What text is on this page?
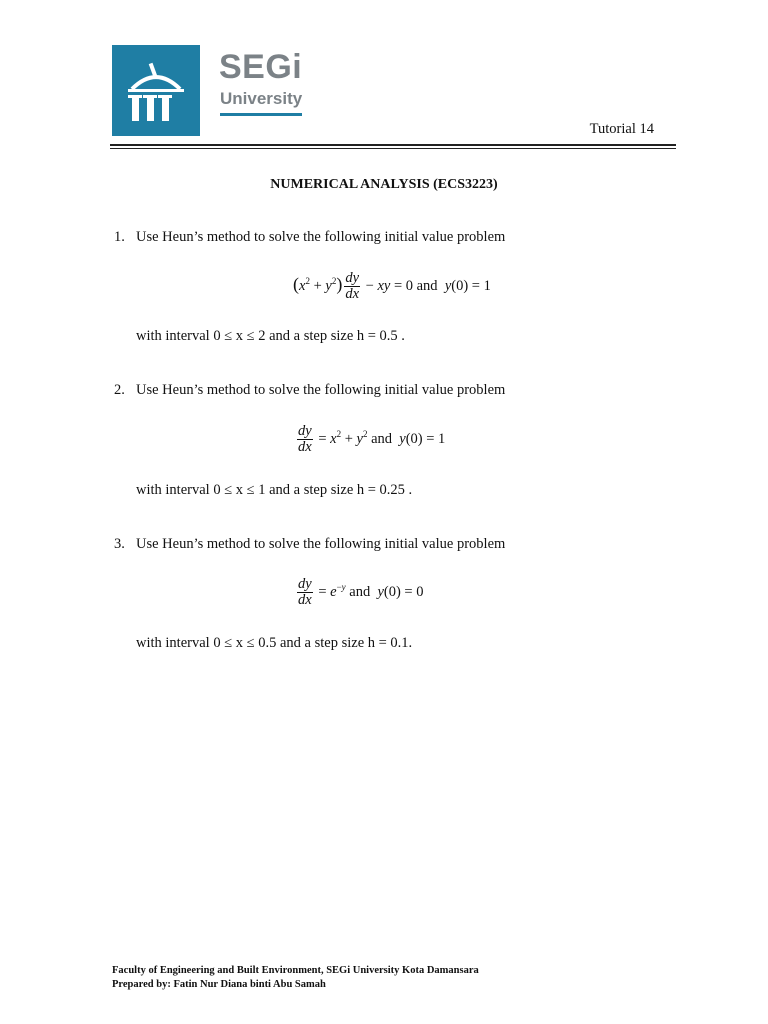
SEGi
University
Tutorial 14
NUMERICAL ANALYSIS (ECS3223)
1. Use Heun’s method to solve the following initial value problem
$(x^2 + y^2) \frac{dy}{dx}$ − xy = 0 and  y(0) = 1
with interval 0 ≤ x ≤ 2 and a step size h = 0.5 .
2. Use Heun’s method to solve the following initial value problem
$\frac{dy}{dx} = x^2 + y^2$ and  y(0) = 1
with interval 0 ≤ x ≤ 1 and a step size h = 0.25 .
3. Use Heun’s method to solve the following initial value problem
$\frac{dy}{dx} = e^{-y}$ and  y(0) = 0
with interval 0 ≤ x ≤ 0.5 and a step size h = 0.1.
Faculty of Engineering and Built Environment, SEGi University Kota Damansara
Prepared by: Fatin Nur Diana binti Abu Samah
